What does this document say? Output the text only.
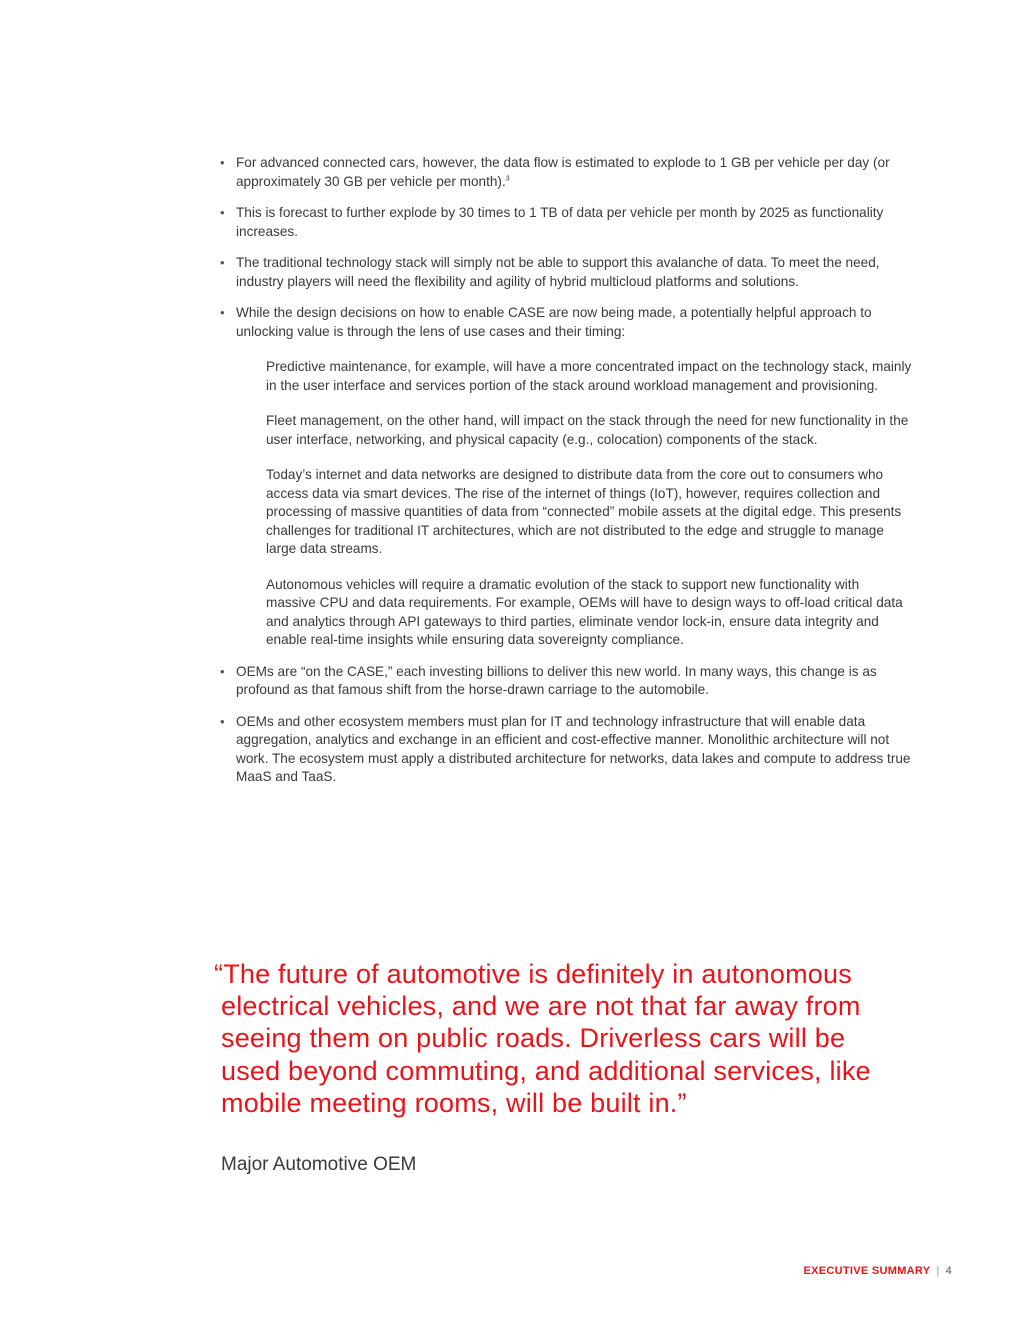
• For advanced connected cars, however, the data flow is estimated to explode to 1 GB per vehicle per day (or approximately 30 GB per vehicle per month).$^3$
• This is forecast to further explode by 30 times to 1 TB of data per vehicle per month by 2025 as functionality increases.
• The traditional technology stack will simply not be able to support this avalanche of data. To meet the need, industry players will need the flexibility and agility of hybrid multicloud platforms and solutions.
• While the design decisions on how to enable CASE are now being made, a potentially helpful approach to unlocking value is through the lens of use cases and their timing:

Predictive maintenance, for example, will have a more concentrated impact on the technology stack, mainly in the user interface and services portion of the stack around workload management and provisioning.

Fleet management, on the other hand, will impact on the stack through the need for new functionality in the user interface, networking, and physical capacity (e.g., colocation) components of the stack.

Today’s internet and data networks are designed to distribute data from the core out to consumers who access data via smart devices. The rise of the internet of things (IoT), however, requires collection and processing of massive quantities of data from “connected” mobile assets at the digital edge. This presents challenges for traditional IT architectures, which are not distributed to the edge and struggle to manage large data streams.

Autonomous vehicles will require a dramatic evolution of the stack to support new functionality with massive CPU and data requirements. For example, OEMs will have to design ways to off-load critical data and analytics through API gateways to third parties, eliminate vendor lock-in, ensure data integrity and enable real-time insights while ensuring data sovereignty compliance.

• OEMs are “on the CASE,” each investing billions to deliver this new world. In many ways, this change is as profound as that famous shift from the horse-drawn carriage to the automobile.
• OEMs and other ecosystem members must plan for IT and technology infrastructure that will enable data aggregation, analytics and exchange in an efficient and cost-effective manner. Monolithic architecture will not work. The ecosystem must apply a distributed architecture for networks, data lakes and compute to address true MaaS and TaaS.
“The future of automotive is definitely in autonomous
electrical vehicles, and we are not that far away from
seeing them on public roads. Driverless cars will be
used beyond commuting, and additional services, like
mobile meeting rooms, will be built in.”
Major Automotive OEM
EXECUTIVE SUMMARY | 4
